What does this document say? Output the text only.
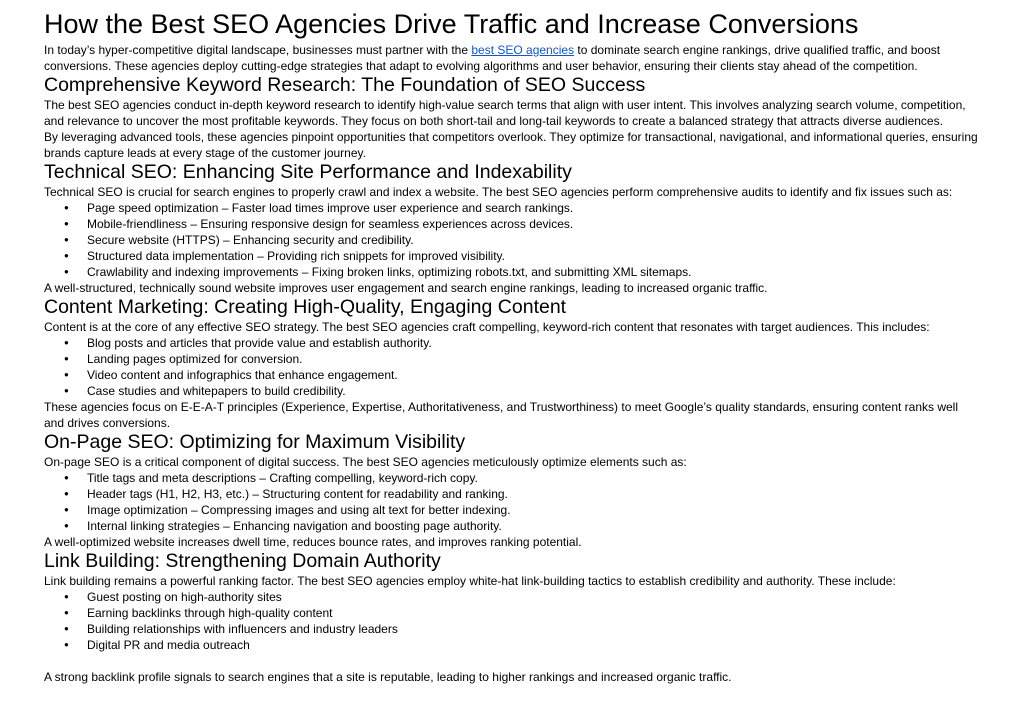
How the Best SEO Agencies Drive Traffic and Increase Conversions

In today’s hyper-competitive digital landscape, businesses must partner with the best SEO agencies to dominate search engine rankings, drive qualified traffic, and boost conversions. These agencies deploy cutting-edge strategies that adapt to evolving algorithms and user behavior, ensuring their clients stay ahead of the competition.

Comprehensive Keyword Research: The Foundation of SEO Success

The best SEO agencies conduct in-depth keyword research to identify high-value search terms that align with user intent. This involves analyzing search volume, competition, and relevance to uncover the most profitable keywords. They focus on both short-tail and long-tail keywords to create a balanced strategy that attracts diverse audiences.

By leveraging advanced tools, these agencies pinpoint opportunities that competitors overlook. They optimize for transactional, navigational, and informational queries, ensuring brands capture leads at every stage of the customer journey.

Technical SEO: Enhancing Site Performance and Indexability

Technical SEO is crucial for search engines to properly crawl and index a website. The best SEO agencies perform comprehensive audits to identify and fix issues such as:

● Page speed optimization – Faster load times improve user experience and search rankings.
● Mobile-friendliness – Ensuring responsive design for seamless experiences across devices.
● Secure website (HTTPS) – Enhancing security and credibility.
● Structured data implementation – Providing rich snippets for improved visibility.
● Crawlability and indexing improvements – Fixing broken links, optimizing robots.txt, and submitting XML sitemaps.

A well-structured, technically sound website improves user engagement and search engine rankings, leading to increased organic traffic.

Content Marketing: Creating High-Quality, Engaging Content

Content is at the core of any effective SEO strategy. The best SEO agencies craft compelling, keyword-rich content that resonates with target audiences. This includes:

● Blog posts and articles that provide value and establish authority.
● Landing pages optimized for conversion.
● Video content and infographics that enhance engagement.
● Case studies and whitepapers to build credibility.

These agencies focus on E-E-A-T principles (Experience, Expertise, Authoritativeness, and Trustworthiness) to meet Google’s quality standards, ensuring content ranks well and drives conversions.

On-Page SEO: Optimizing for Maximum Visibility

On-page SEO is a critical component of digital success. The best SEO agencies meticulously optimize elements such as:

● Title tags and meta descriptions – Crafting compelling, keyword-rich copy.
● Header tags (H1, H2, H3, etc.) – Structuring content for readability and ranking.
● Image optimization – Compressing images and using alt text for better indexing.
● Internal linking strategies – Enhancing navigation and boosting page authority.

A well-optimized website increases dwell time, reduces bounce rates, and improves ranking potential.

Link Building: Strengthening Domain Authority

Link building remains a powerful ranking factor. The best SEO agencies employ white-hat link-building tactics to establish credibility and authority. These include:

● Guest posting on high-authority sites
● Earning backlinks through high-quality content
● Building relationships with influencers and industry leaders
● Digital PR and media outreach

A strong backlink profile signals to search engines that a site is reputable, leading to higher rankings and increased organic traffic.
